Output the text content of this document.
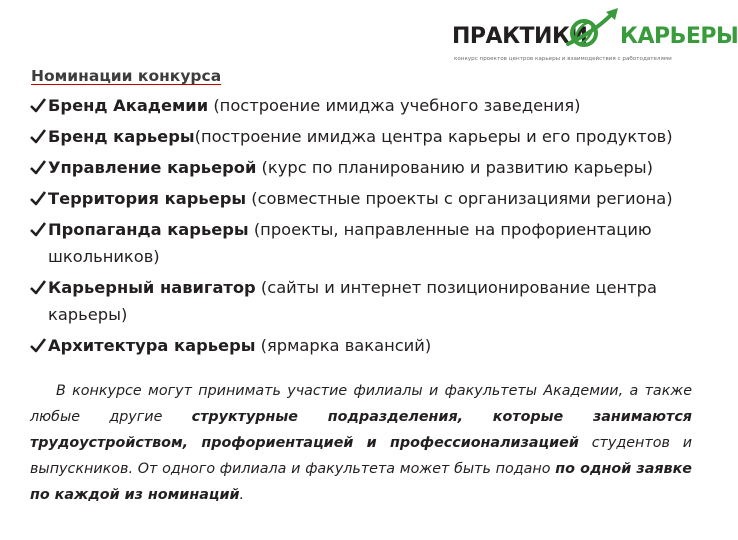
ПРАКТИКИ КАРЬЕРЫ
конкурс проектов центров карьеры и взаимодействия с работодателями
Номинации конкурса
Бренд Академии (построение имиджа учебного заведения)
Бренд карьеры(построение имиджа центра карьеры и его продуктов)
Управление карьерой (курс по планированию и развитию карьеры)
Территория карьеры (совместные проекты с организациями региона)
Пропаганда карьеры (проекты, направленные на профориентацию школьников)
Карьерный навигатор (сайты и интернет позиционирование центра карьеры)
Архитектура карьеры (ярмарка вакансий)
В конкурсе могут принимать участие филиалы и факультеты Академии, а также любые другие структурные подразделения, которые занимаются трудоустройством, профориентацией и профессионализацией студентов и выпускников. От одного филиала и факультета может быть подано по одной заявке по каждой из номинаций.
